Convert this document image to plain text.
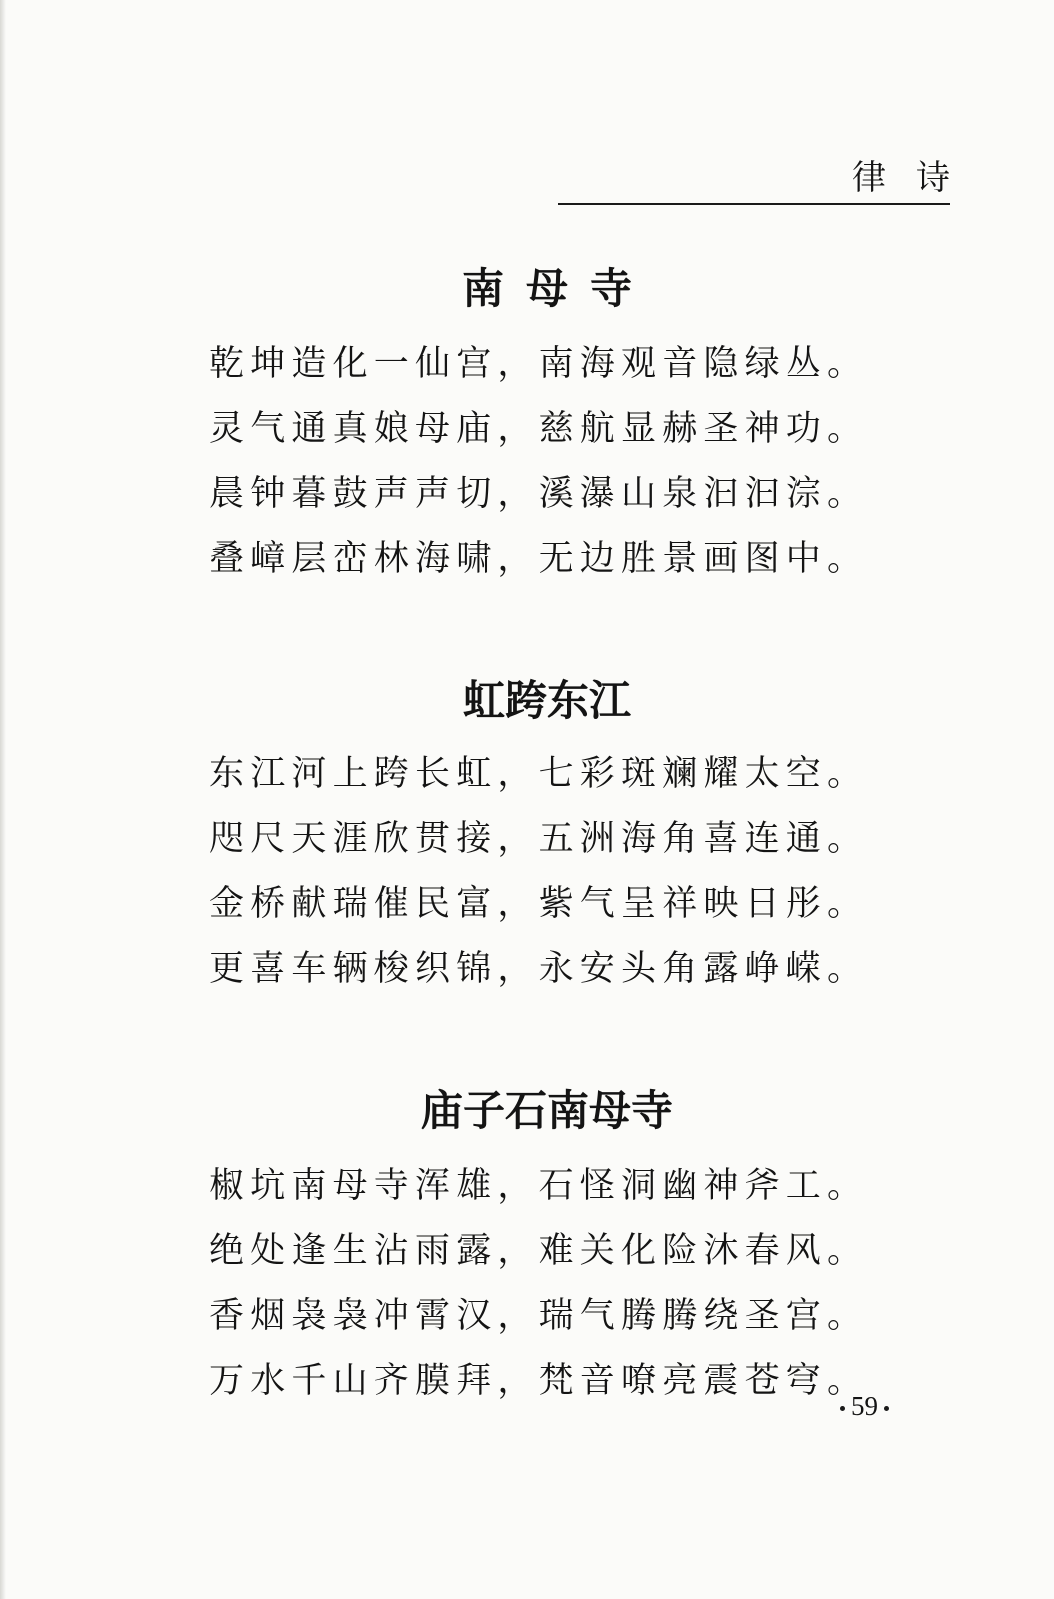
律诗
南母寺
乾坤造化一仙宫，南海观音隐绿丛。
灵气通真娘母庙，慈航显赫圣神功。
晨钟暮鼓声声切，溪瀑山泉汩汩淙。
叠嶂层峦林海啸，无边胜景画图中。
虹跨东江
东江河上跨长虹，七彩斑斓耀太空。
咫尺天涯欣贯接，五洲海角喜连通。
金桥献瑞催民富，紫气呈祥映日彤。
更喜车辆梭织锦，永安头角露峥嵘。
庙子石南母寺
椒坑南母寺浑雄，石怪洞幽神斧工。
绝处逢生沾雨露，难关化险沐春风。
香烟袅袅冲霄汉，瑞气腾腾绕圣宫。
万水千山齐膜拜，梵音嘹亮震苍穹。
59
